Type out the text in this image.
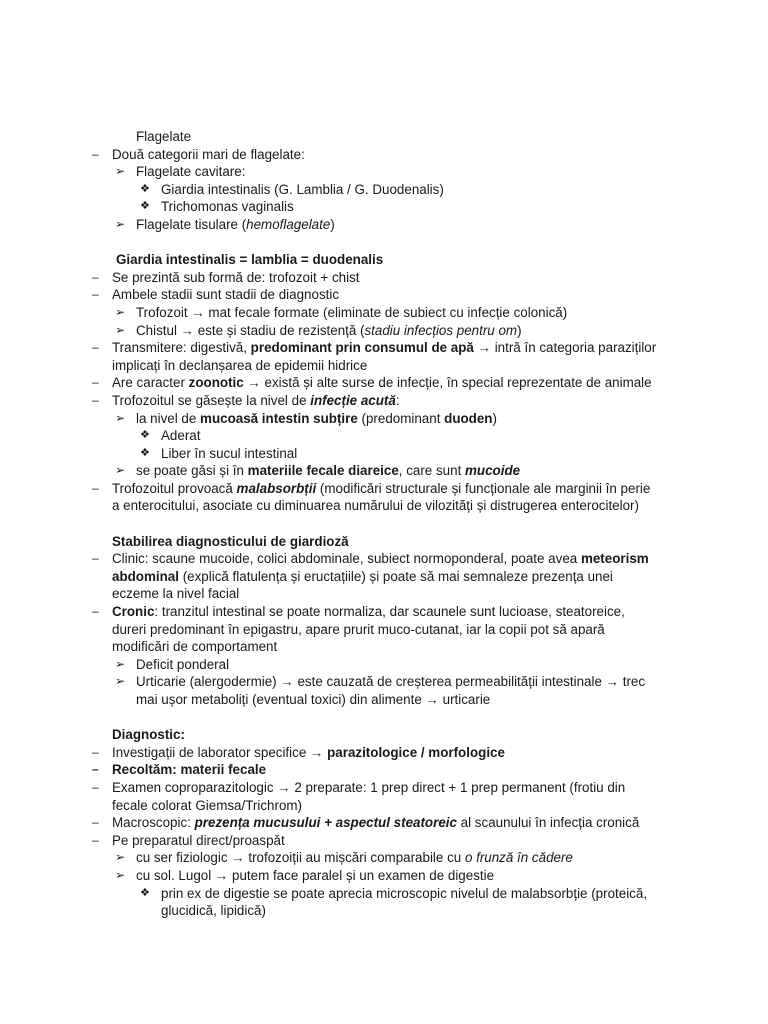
Flagelate
– Două categorii mari de flagelate:
➢ Flagelate cavitare:
❖ Giardia intestinalis (G. Lamblia / G. Duodenalis)
❖ Trichomonas vaginalis
➢ Flagelate tisulare (hemoflagelate)
Giardia intestinalis = lamblia = duodenalis
– Se prezintă sub formă de: trofozoit + chist
– Ambele stadii sunt stadii de diagnostic
➢ Trofozoit → mat fecale formate (eliminate de subiect cu infecție colonică)
➢ Chistul → este și stadiu de rezistență (stadiu infecțios pentru om)
– Transmitere: digestivă, predominant prin consumul de apă → intră în categoria paraziților
implicați în declanșarea de epidemii hidrice
– Are caracter zoonotic → există și alte surse de infecție, în special reprezentate de animale
– Trofozoitul se găsește la nivel de infecție acută:
➢ la nivel de mucoasă intestin subțire (predominant duoden)
❖ Aderat
❖ Liber în sucul intestinal
➢ se poate găsi și în materiile fecale diareice, care sunt mucoide
– Trofozoitul provoacă malabsorbții (modificări structurale și funcționale ale marginii în perie
a enterocitului, asociate cu diminuarea numărului de vilozități și distrugerea enterocitelor)
Stabilirea diagnosticului de giardioză
– Clinic: scaune mucoide, colici abdominale, subiect normoponderal, poate avea meteorism
abdominal (explică flatulența și eructațiile) și poate să mai semnaleze prezența unei
eczeme la nivel facial
– Cronic: tranzitul intestinal se poate normaliza, dar scaunele sunt lucioase, steatoreice,
dureri predominant în epigastru, apare prurit muco-cutanat, iar la copii pot să apară
modificări de comportament
➢ Deficit ponderal
➢ Urticarie (alergodermie) → este cauzată de creșterea permeabilității intestinale → trec
mai ușor metaboliți (eventual toxici) din alimente → urticarie
Diagnostic:
– Investigații de laborator specifice → parazitologice / morfologice
– Recoltăm: materii fecale
– Examen coproparazitologic → 2 preparate: 1 prep direct + 1 prep permanent (frotiu din
fecale colorat Giemsa/Trichrom)
– Macroscopic: prezența mucusului + aspectul steatoreic al scaunului în infecția cronică
– Pe preparatul direct/proaspăt
➢ cu ser fiziologic → trofozoiții au mișcări comparabile cu o frunză în cădere
➢ cu sol. Lugol → putem face paralel și un examen de digestie
❖ prin ex de digestie se poate aprecia microscopic nivelul de malabsorbție (proteică,
glucidică, lipidică)
